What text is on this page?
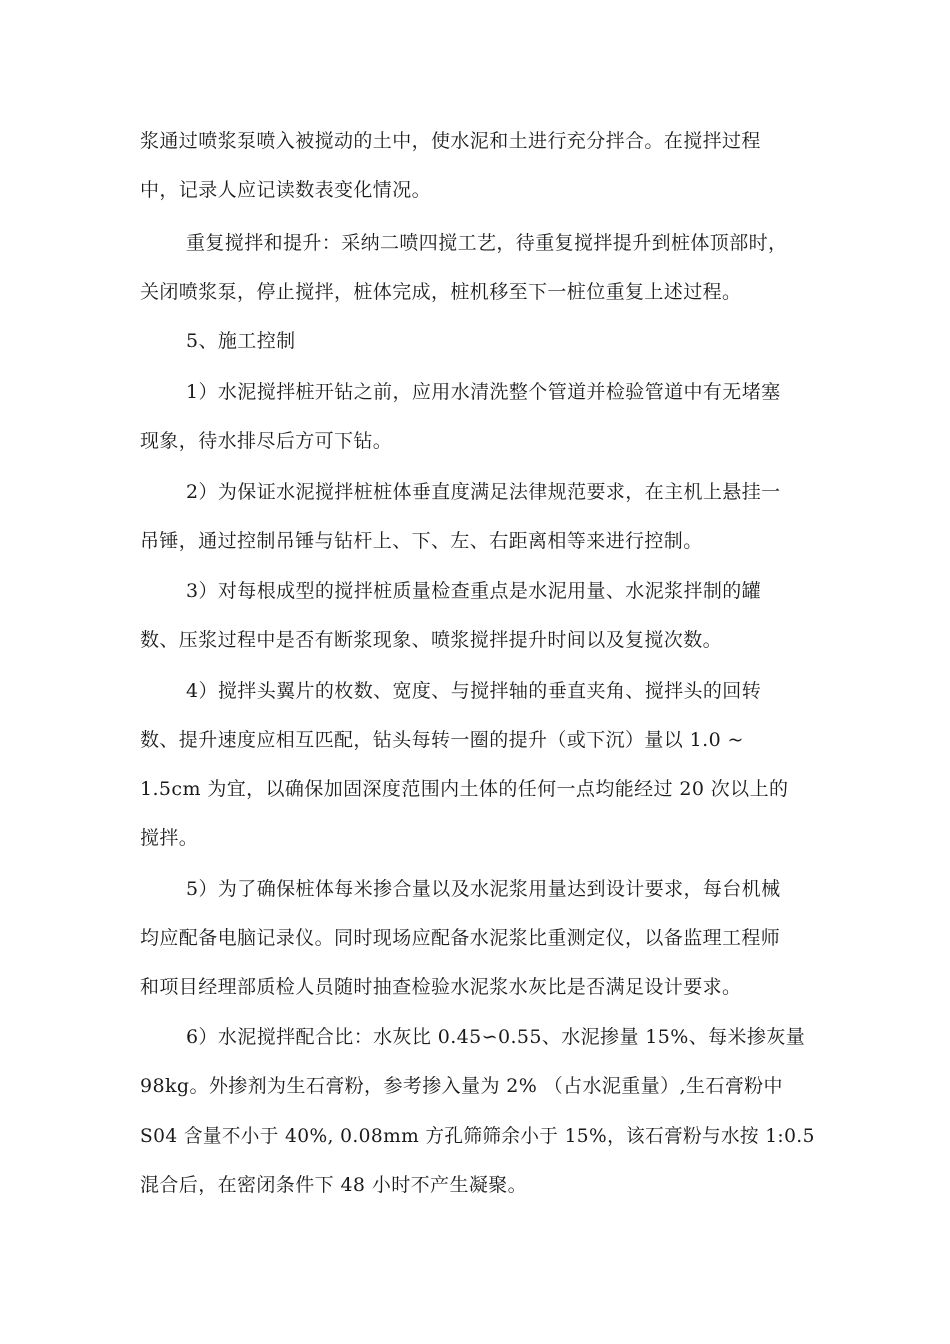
浆通过喷浆泵喷入被搅动的土中，使水泥和土进行充分拌合。在搅拌过程
中，记录人应记读数表变化情况。
重复搅拌和提升：采纳二喷四搅工艺，待重复搅拌提升到桩体顶部时，
关闭喷浆泵，停止搅拌，桩体完成，桩机移至下一桩位重复上述过程。
5、施工控制
1）水泥搅拌桩开钻之前，应用水清洗整个管道并检验管道中有无堵塞
现象，待水排尽后方可下钻。
2）为保证水泥搅拌桩桩体垂直度满足法律规范要求，在主机上悬挂一
吊锤，通过控制吊锤与钻杆上、下、左、右距离相等来进行控制。
3）对每根成型的搅拌桩质量检查重点是水泥用量、水泥浆拌制的罐
数、压浆过程中是否有断浆现象、喷浆搅拌提升时间以及复搅次数。
4）搅拌头翼片的枚数、宽度、与搅拌轴的垂直夹角、搅拌头的回转
数、提升速度应相互匹配，钻头每转一圈的提升（或下沉）量以 1.0 ~
1.5cm 为宜，以确保加固深度范围内土体的任何一点均能经过 20 次以上的
搅拌。
5）为了确保桩体每米掺合量以及水泥浆用量达到设计要求，每台机械
均应配备电脑记录仪。同时现场应配备水泥浆比重测定仪，以备监理工程师
和项目经理部质检人员随时抽查检验水泥浆水灰比是否满足设计要求。
6）水泥搅拌配合比：水灰比 0.45∽0.55、水泥掺量 15%、每米掺灰量
98kg。外掺剂为生石膏粉，参考掺入量为 2% （占水泥重量）,生石膏粉中
S04 含量不小于 40%, 0.08mm 方孔筛筛余小于 15%，该石膏粉与水按 1:0.5
混合后，在密闭条件下 48 小时不产生凝聚。
